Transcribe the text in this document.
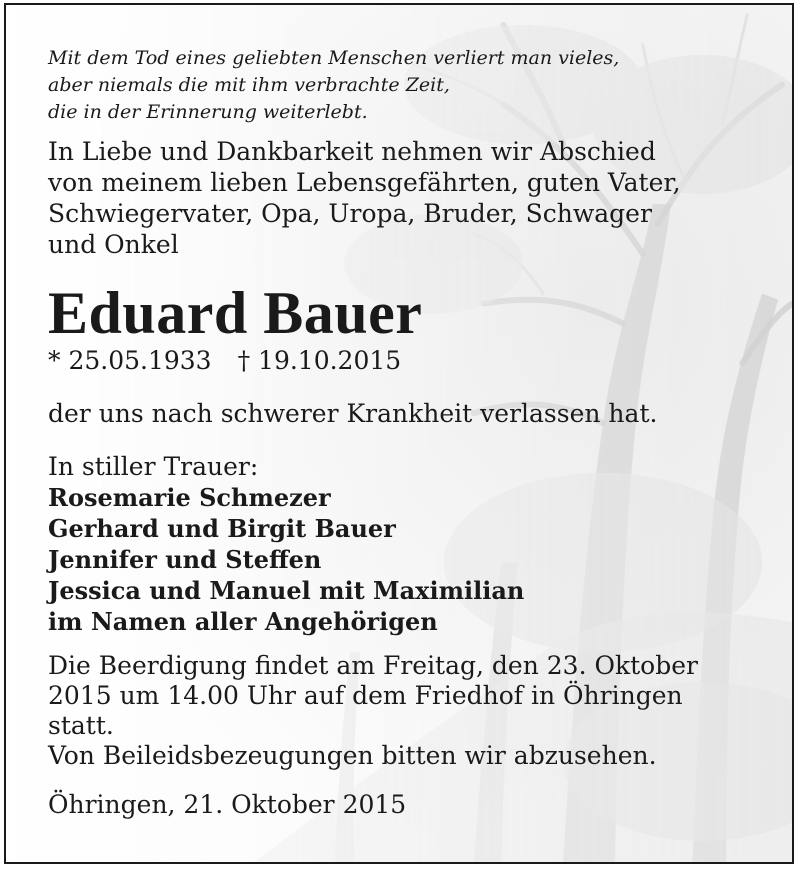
Mit dem Tod eines geliebten Menschen verliert man vieles,
aber niemals die mit ihm verbrachte Zeit,
die in der Erinnerung weiterlebt.

In Liebe und Dankbarkeit nehmen wir Abschied
von meinem lieben Lebensgefährten, guten Vater,
Schwiegervater, Opa, Uropa, Bruder, Schwager
und Onkel

Eduard Bauer

* 25.05.1933 † 19.10.2015

der uns nach schwerer Krankheit verlassen hat.

In stiller Trauer:

Rosemarie Schmezer
Gerhard und Birgit Bauer
Jennifer und Steffen
Jessica und Manuel mit Maximilian
im Namen aller Angehörigen

Die Beerdigung findet am Freitag, den 23. Oktober
2015 um 14.00 Uhr auf dem Friedhof in Öhringen
statt.

Von Beileidsbezeugungen bitten wir abzusehen.

Öhringen, 21. Oktober 2015
